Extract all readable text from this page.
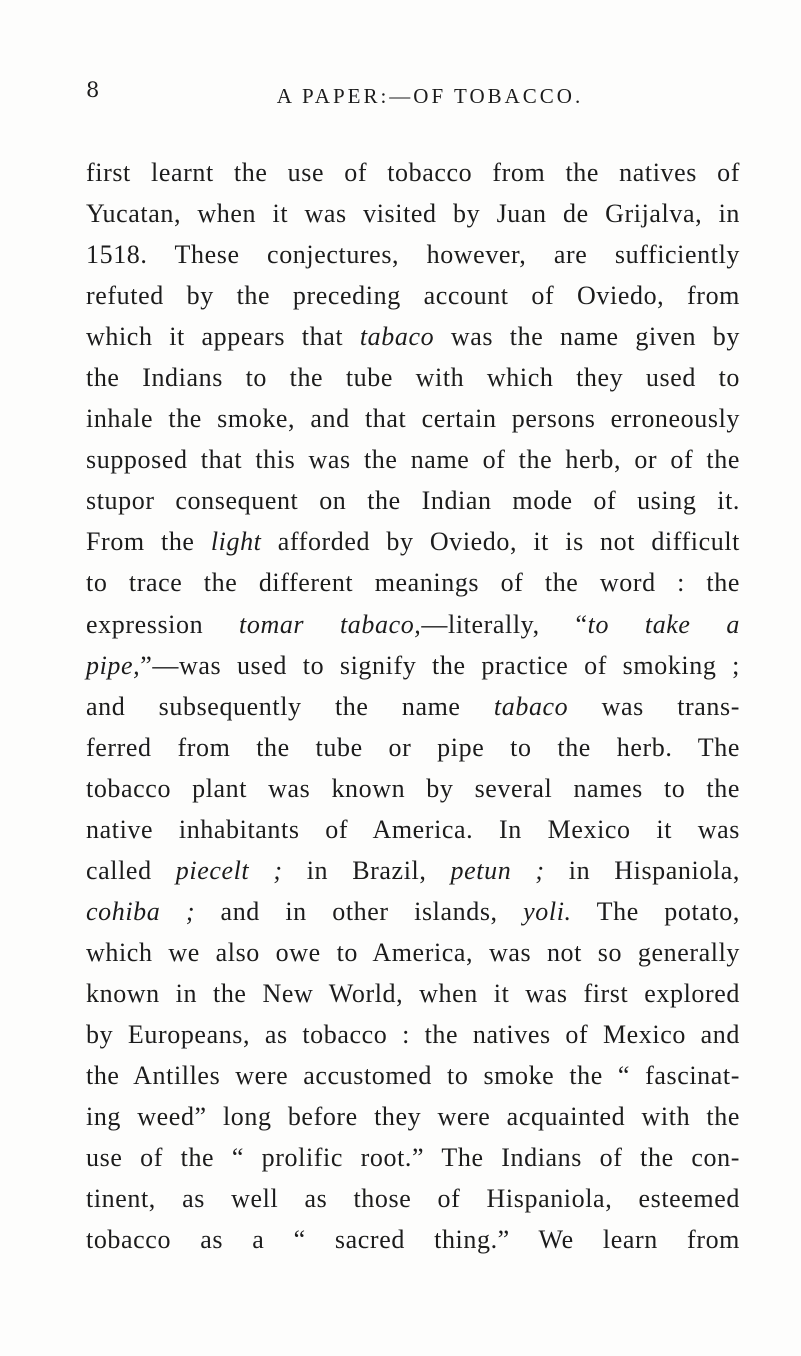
8	A PAPER:—OF TOBACCO.
first learnt the use of tobacco from the natives of
Yucatan, when it was visited by Juan de Grijalva, in
1518. These conjectures, however, are sufficiently
refuted by the preceding account of Oviedo, from
which it appears that tabaco was the name given by
the Indians to the tube with which they used to
inhale the smoke, and that certain persons erroneously
supposed that this was the name of the herb, or of the
stupor consequent on the Indian mode of using it.
From the light afforded by Oviedo, it is not difficult
to trace the different meanings of the word : the
expression tomar tabaco,—literally, “to take a
pipe,”—was used to signify the practice of smoking ;
and subsequently the name tabaco was trans-
ferred from the tube or pipe to the herb. The
tobacco plant was known by several names to the
native inhabitants of America. In Mexico it was
called piecelt ; in Brazil, petun ; in Hispaniola,
cohiba ; and in other islands, yoli. The potato,
which we also owe to America, was not so generally
known in the New World, when it was first explored
by Europeans, as tobacco : the natives of Mexico and
the Antilles were accustomed to smoke the “ fascinat-
ing weed” long before they were acquainted with the
use of the “ prolific root.” The Indians of the con-
tinent, as well as those of Hispaniola, esteemed
tobacco as a “ sacred thing.” We learn from
